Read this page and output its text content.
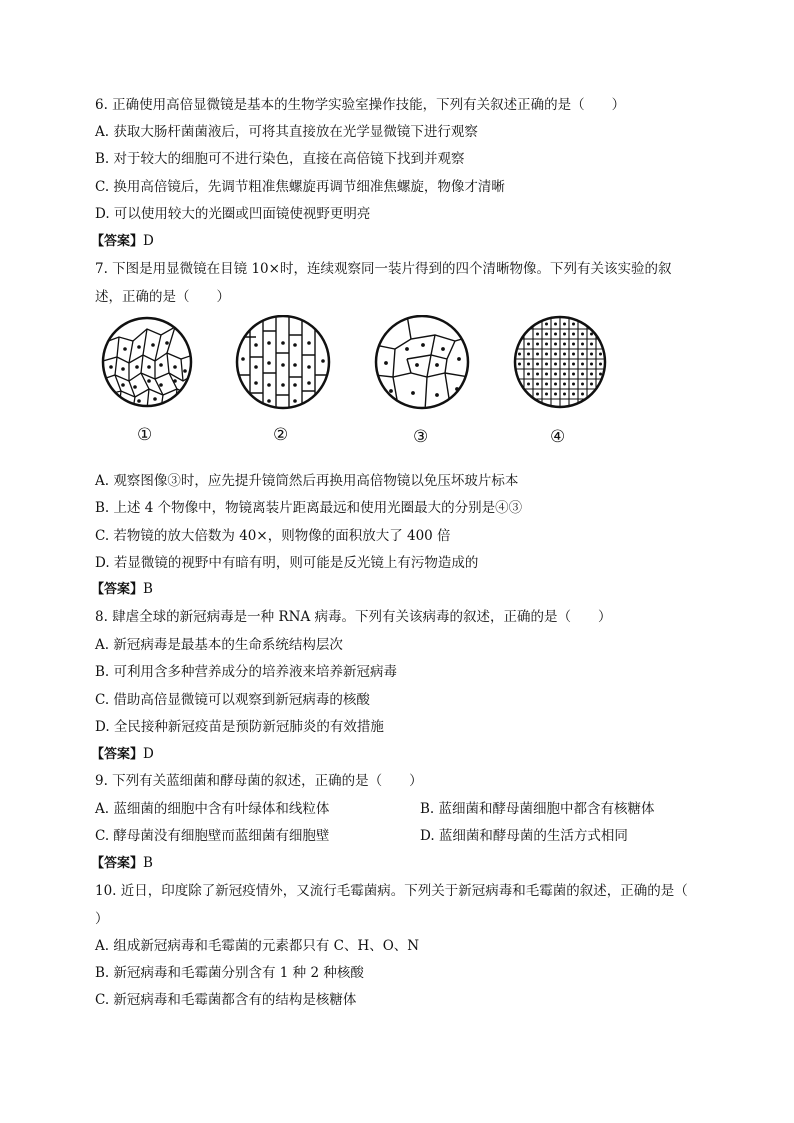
6. 正确使用高倍显微镜是基本的生物学实验室操作技能，下列有关叙述正确的是（　　）
A. 获取大肠杆菌菌液后，可将其直接放在光学显微镜下进行观察
B. 对于较大的细胞可不进行染色，直接在高倍镜下找到并观察
C. 换用高倍镜后，先调节粗准焦螺旋再调节细准焦螺旋，物像才清晰
D. 可以使用较大的光圈或凹面镜使视野更明亮
【答案】D
7. 下图是用显微镜在目镜 10×时，连续观察同一装片得到的四个清晰物像。下列有关该实验的叙
述，正确的是（　　）
①	②	③	④
A. 观察图像③时，应先提升镜筒然后再换用高倍物镜以免压坏玻片标本
B. 上述 4 个物像中，物镜离装片距离最远和使用光圈最大的分别是④③
C. 若物镜的放大倍数为 40×，则物像的面积放大了 400 倍
D. 若显微镜的视野中有暗有明，则可能是反光镜上有污物造成的
【答案】B
8. 肆虐全球的新冠病毒是一种 RNA 病毒。下列有关该病毒的叙述，正确的是（　　）
A. 新冠病毒是最基本的生命系统结构层次
B. 可利用含多种营养成分的培养液来培养新冠病毒
C. 借助高倍显微镜可以观察到新冠病毒的核酸
D. 全民接种新冠疫苗是预防新冠肺炎的有效措施
【答案】D
9. 下列有关蓝细菌和酵母菌的叙述，正确的是（　　）
A. 蓝细菌的细胞中含有叶绿体和线粒体	B. 蓝细菌和酵母菌细胞中都含有核糖体
C. 酵母菌没有细胞壁而蓝细菌有细胞壁	D. 蓝细菌和酵母菌的生活方式相同
【答案】B
10. 近日，印度除了新冠疫情外，又流行毛霉菌病。下列关于新冠病毒和毛霉菌的叙述，正确的是（
）
A. 组成新冠病毒和毛霉菌的元素都只有 C、H、O、N
B. 新冠病毒和毛霉菌分别含有 1 种 2 种核酸
C. 新冠病毒和毛霉菌都含有的结构是核糖体
